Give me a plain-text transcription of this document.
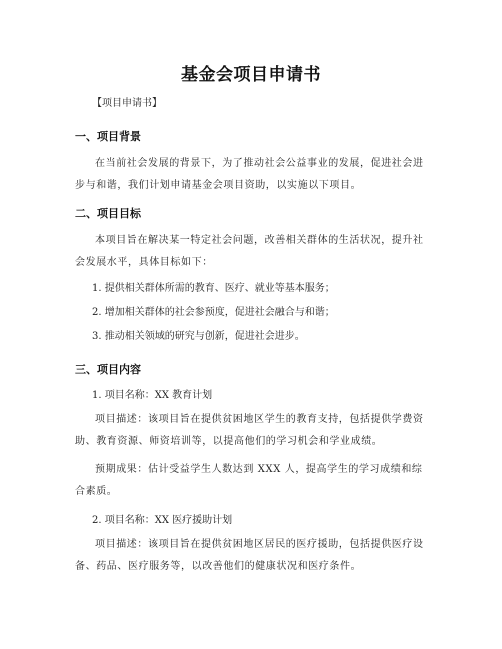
基金会项目申请书
【项目申请书】
一、项目背景
在当前社会发展的背景下，为了推动社会公益事业的发展，促进社会进步与和谐，我们计划申请基金会项目资助，以实施以下项目。
二、项目目标
本项目旨在解决某一特定社会问题，改善相关群体的生活状况，提升社会发展水平，具体目标如下：
1. 提供相关群体所需的教育、医疗、就业等基本服务；
2. 增加相关群体的社会参预度，促进社会融合与和谐；
3. 推动相关领域的研究与创新，促进社会进步。
三、项目内容
1. 项目名称：XX 教育计划
项目描述：该项目旨在提供贫困地区学生的教育支持，包括提供学费资助、教育资源、师资培训等，以提高他们的学习机会和学业成绩。
预期成果：估计受益学生人数达到 XXX 人，提高学生的学习成绩和综合素质。
2. 项目名称：XX 医疗援助计划
项目描述：该项目旨在提供贫困地区居民的医疗援助，包括提供医疗设备、药品、医疗服务等，以改善他们的健康状况和医疗条件。
